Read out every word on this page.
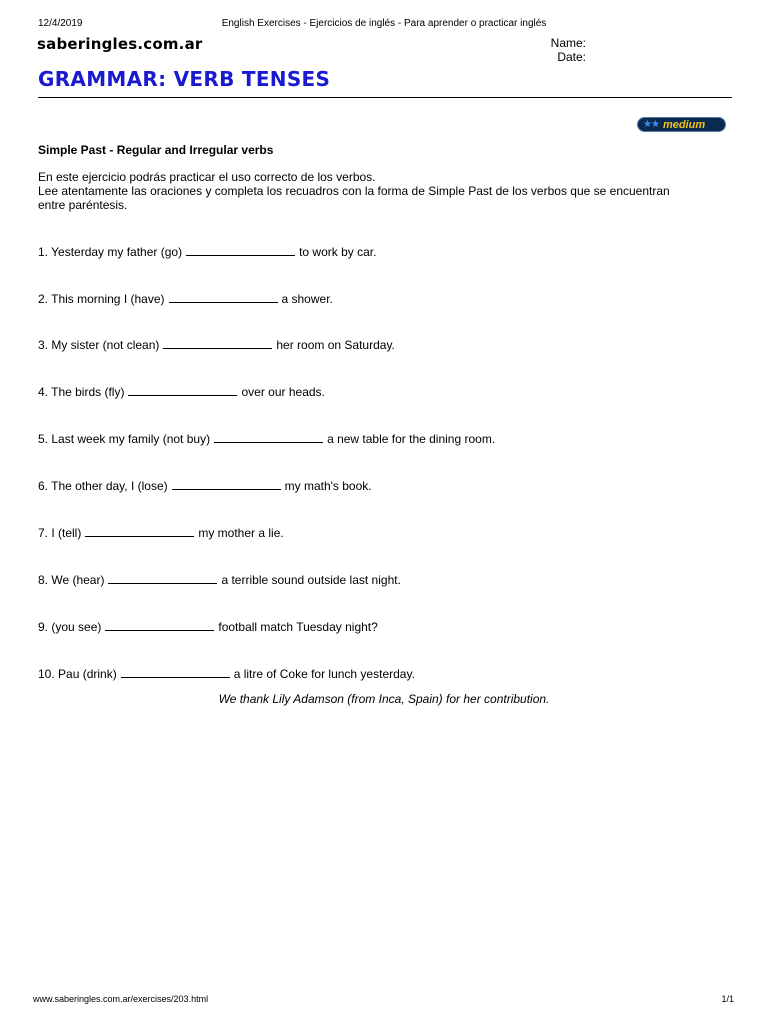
12/4/2019	English Exercises - Ejercicios de inglés - Para aprender o practicar inglés
saberingles.com.ar	Name:
Date:
GRAMMAR: VERB TENSES
★★ medium
Simple Past - Regular and Irregular verbs
En este ejercicio podrás practicar el uso correcto de los verbos.
Lee atentamente las oraciones y completa los recuadros con la forma de Simple Past de los verbos que se encuentran
entre paréntesis.
1. Yesterday my father (go)	to work by car.
2. This morning I (have)	a shower.
3. My sister (not clean)	her room on Saturday.
4. The birds (fly)	over our heads.
5. Last week my family (not buy)	a new table for the dining room.
6. The other day, I (lose)	my math's book.
7. I (tell)	my mother a lie.
8. We (hear)	a terrible sound outside last night.
9. (you see)	football match Tuesday night?
10. Pau (drink)	a litre of Coke for lunch yesterday.
We thank Lily Adamson (from Inca, Spain) for her contribution.
www.saberingles.com.ar/exercises/203.html	1/1
